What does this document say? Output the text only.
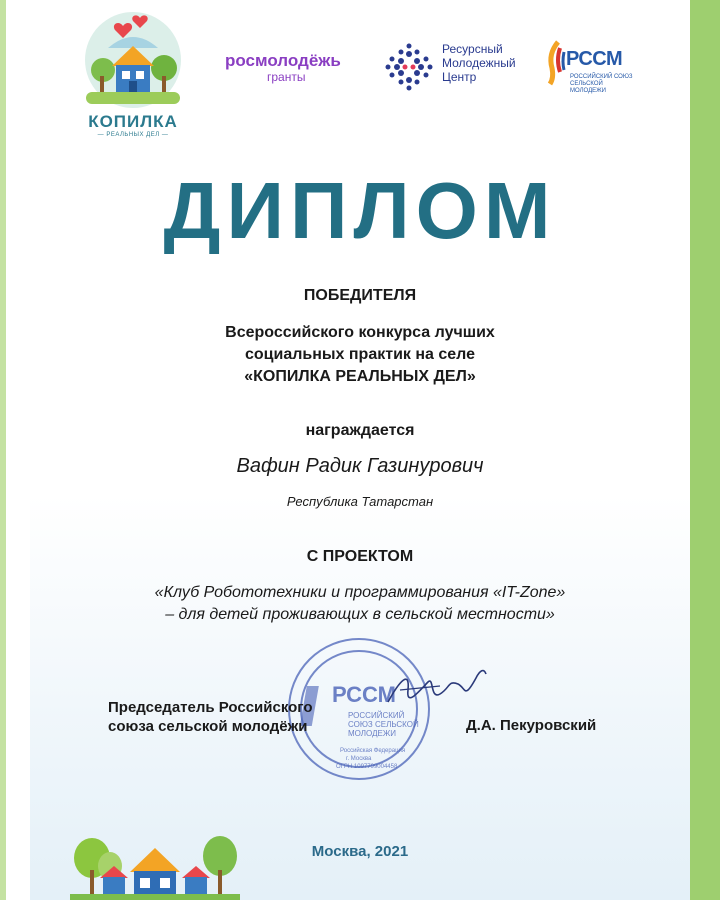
КОПИЛКА
— РЕАЛЬНЫХ ДЕЛ —
росмолодёжь
гранты
Ресурсный
Молодежный
Центр
РССМ
РОССИЙСКИЙ СОЮЗ СЕЛЬСКОЙ МОЛОДЕЖИ
ДИПЛОМ
ПОБЕДИТЕЛЯ
Всероссийского конкурса лучших
социальных практик на селе
«КОПИЛКА РЕАЛЬНЫХ ДЕЛ»
награждается
Вафин Радик Газинурович
Республика Татарстан
С ПРОЕКТОМ
«Клуб Робототехники и программирования «IT-Zone»
– для детей проживающих в сельской местности»
РССМ
РОССИЙСКИЙ
СОЮЗ СЕЛЬСКОЙ
МОЛОДЕЖИ
Российская Федерация
г. Москва
ОГРН 1097799004458
Председатель Российского
союза сельской молодёжи	Д.А. Пекуровский
Москва, 2021
